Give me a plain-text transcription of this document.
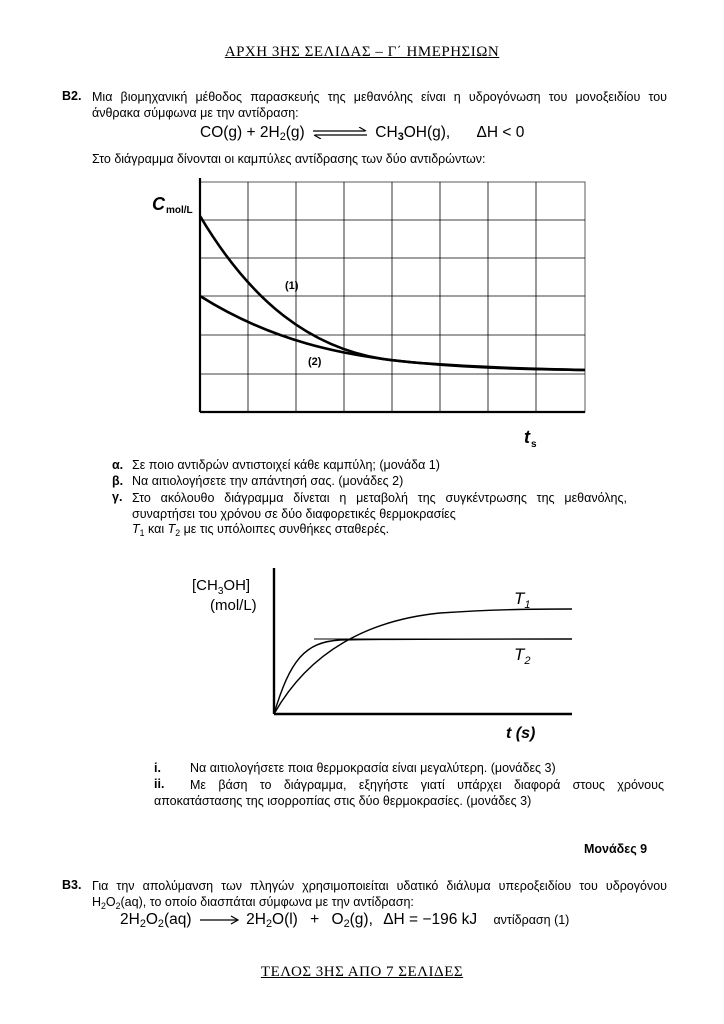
ΑΡΧΗ 3ΗΣ ΣΕΛΙΔΑΣ – Γ΄ ΗΜΕΡΗΣΙΩΝ
Β2. Μια βιομηχανική μέθοδος παρασκευής της μεθανόλης είναι η υδρογόνωση του μονοξειδίου του άνθρακα σύμφωνα με την αντίδραση:
$CO(g) + 2H_2(g)$ ⇌ $CH_3OH(g)$, ΔH < 0
Στο διάγραμμα δίνονται οι καμπύλες αντίδρασης των δύο αντιδρώντων:
C mol/L
(1)
(2)
t s
α. Σε ποιο αντιδρών αντιστοιχεί κάθε καμπύλη; (μονάδα 1)
β. Να αιτιολογήσετε την απάντησή σας. (μονάδες 2)
γ. Στο ακόλουθο διάγραμμα δίνεται η μεταβολή της συγκέντρωσης της μεθανόλης, συναρτήσει του χρόνου σε δύο διαφορετικές θερμοκρασίες
$T_1$ και $T_2$ με τις υπόλοιπες συνθήκες σταθερές.
$[CH_3OH]$
(mol/L)	$T_1$
$T_2$
t (s)
i. Να αιτιολογήσετε ποια θερμοκρασία είναι μεγαλύτερη. (μονάδες 3)
ii.	Με βάση το διάγραμμα, εξηγήστε γιατί υπάρχει διαφορά στους χρόνους αποκατάστασης της ισορροπίας στις δύο θερμοκρασίες. (μονάδες 3)
Μονάδες 9
Β3. Για την απολύμανση των πληγών χρησιμοποιείται υδατικό διάλυμα υπεροξειδίου του υδρογόνου $H_2O_2(aq)$, το οποίο διασπάται σύμφωνα με την αντίδραση:
$2H_2O_2(aq) \to 2H_2O(l) + O_2(g)$, ΔH = −196 kJ αντίδραση (1)
ΤΕΛΟΣ 3ΗΣ ΑΠΟ 7 ΣΕΛΙΔΕΣ
